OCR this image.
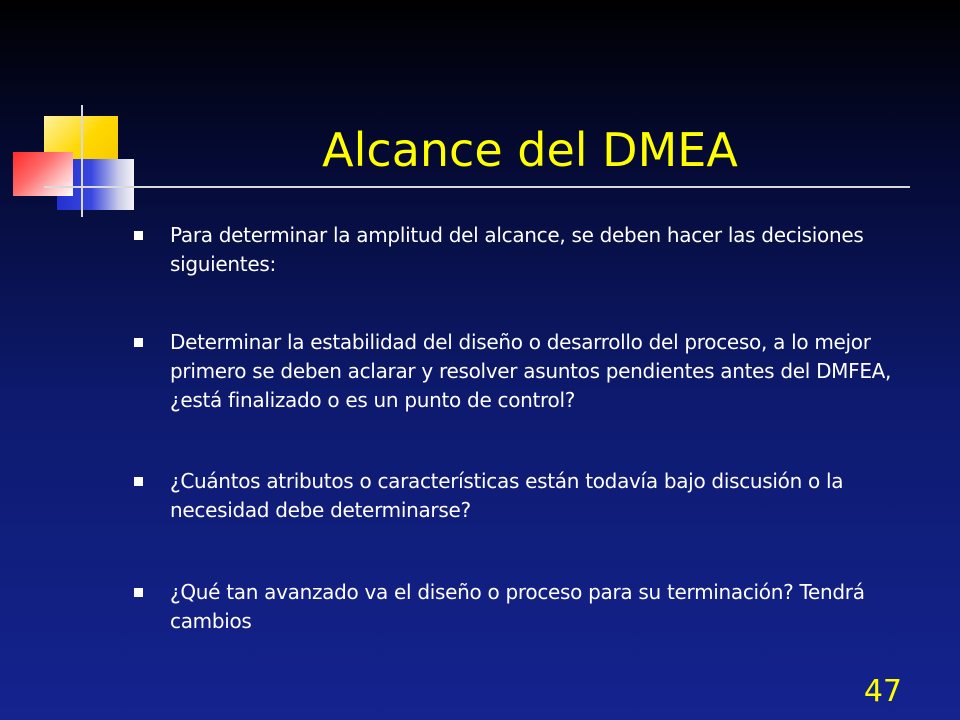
Alcance del DMEA

Para determinar la amplitud del alcance, se deben hacer las decisiones siguientes:

Determinar la estabilidad del diseño o desarrollo del proceso, a lo mejor primero se deben aclarar y resolver asuntos pendientes antes del DMFEA, ¿está finalizado o es un punto de control?

¿Cuántos atributos o características están todavía bajo discusión o la necesidad debe determinarse?

¿Qué tan avanzado va el diseño o proceso para su terminación? Tendrá cambios

47
